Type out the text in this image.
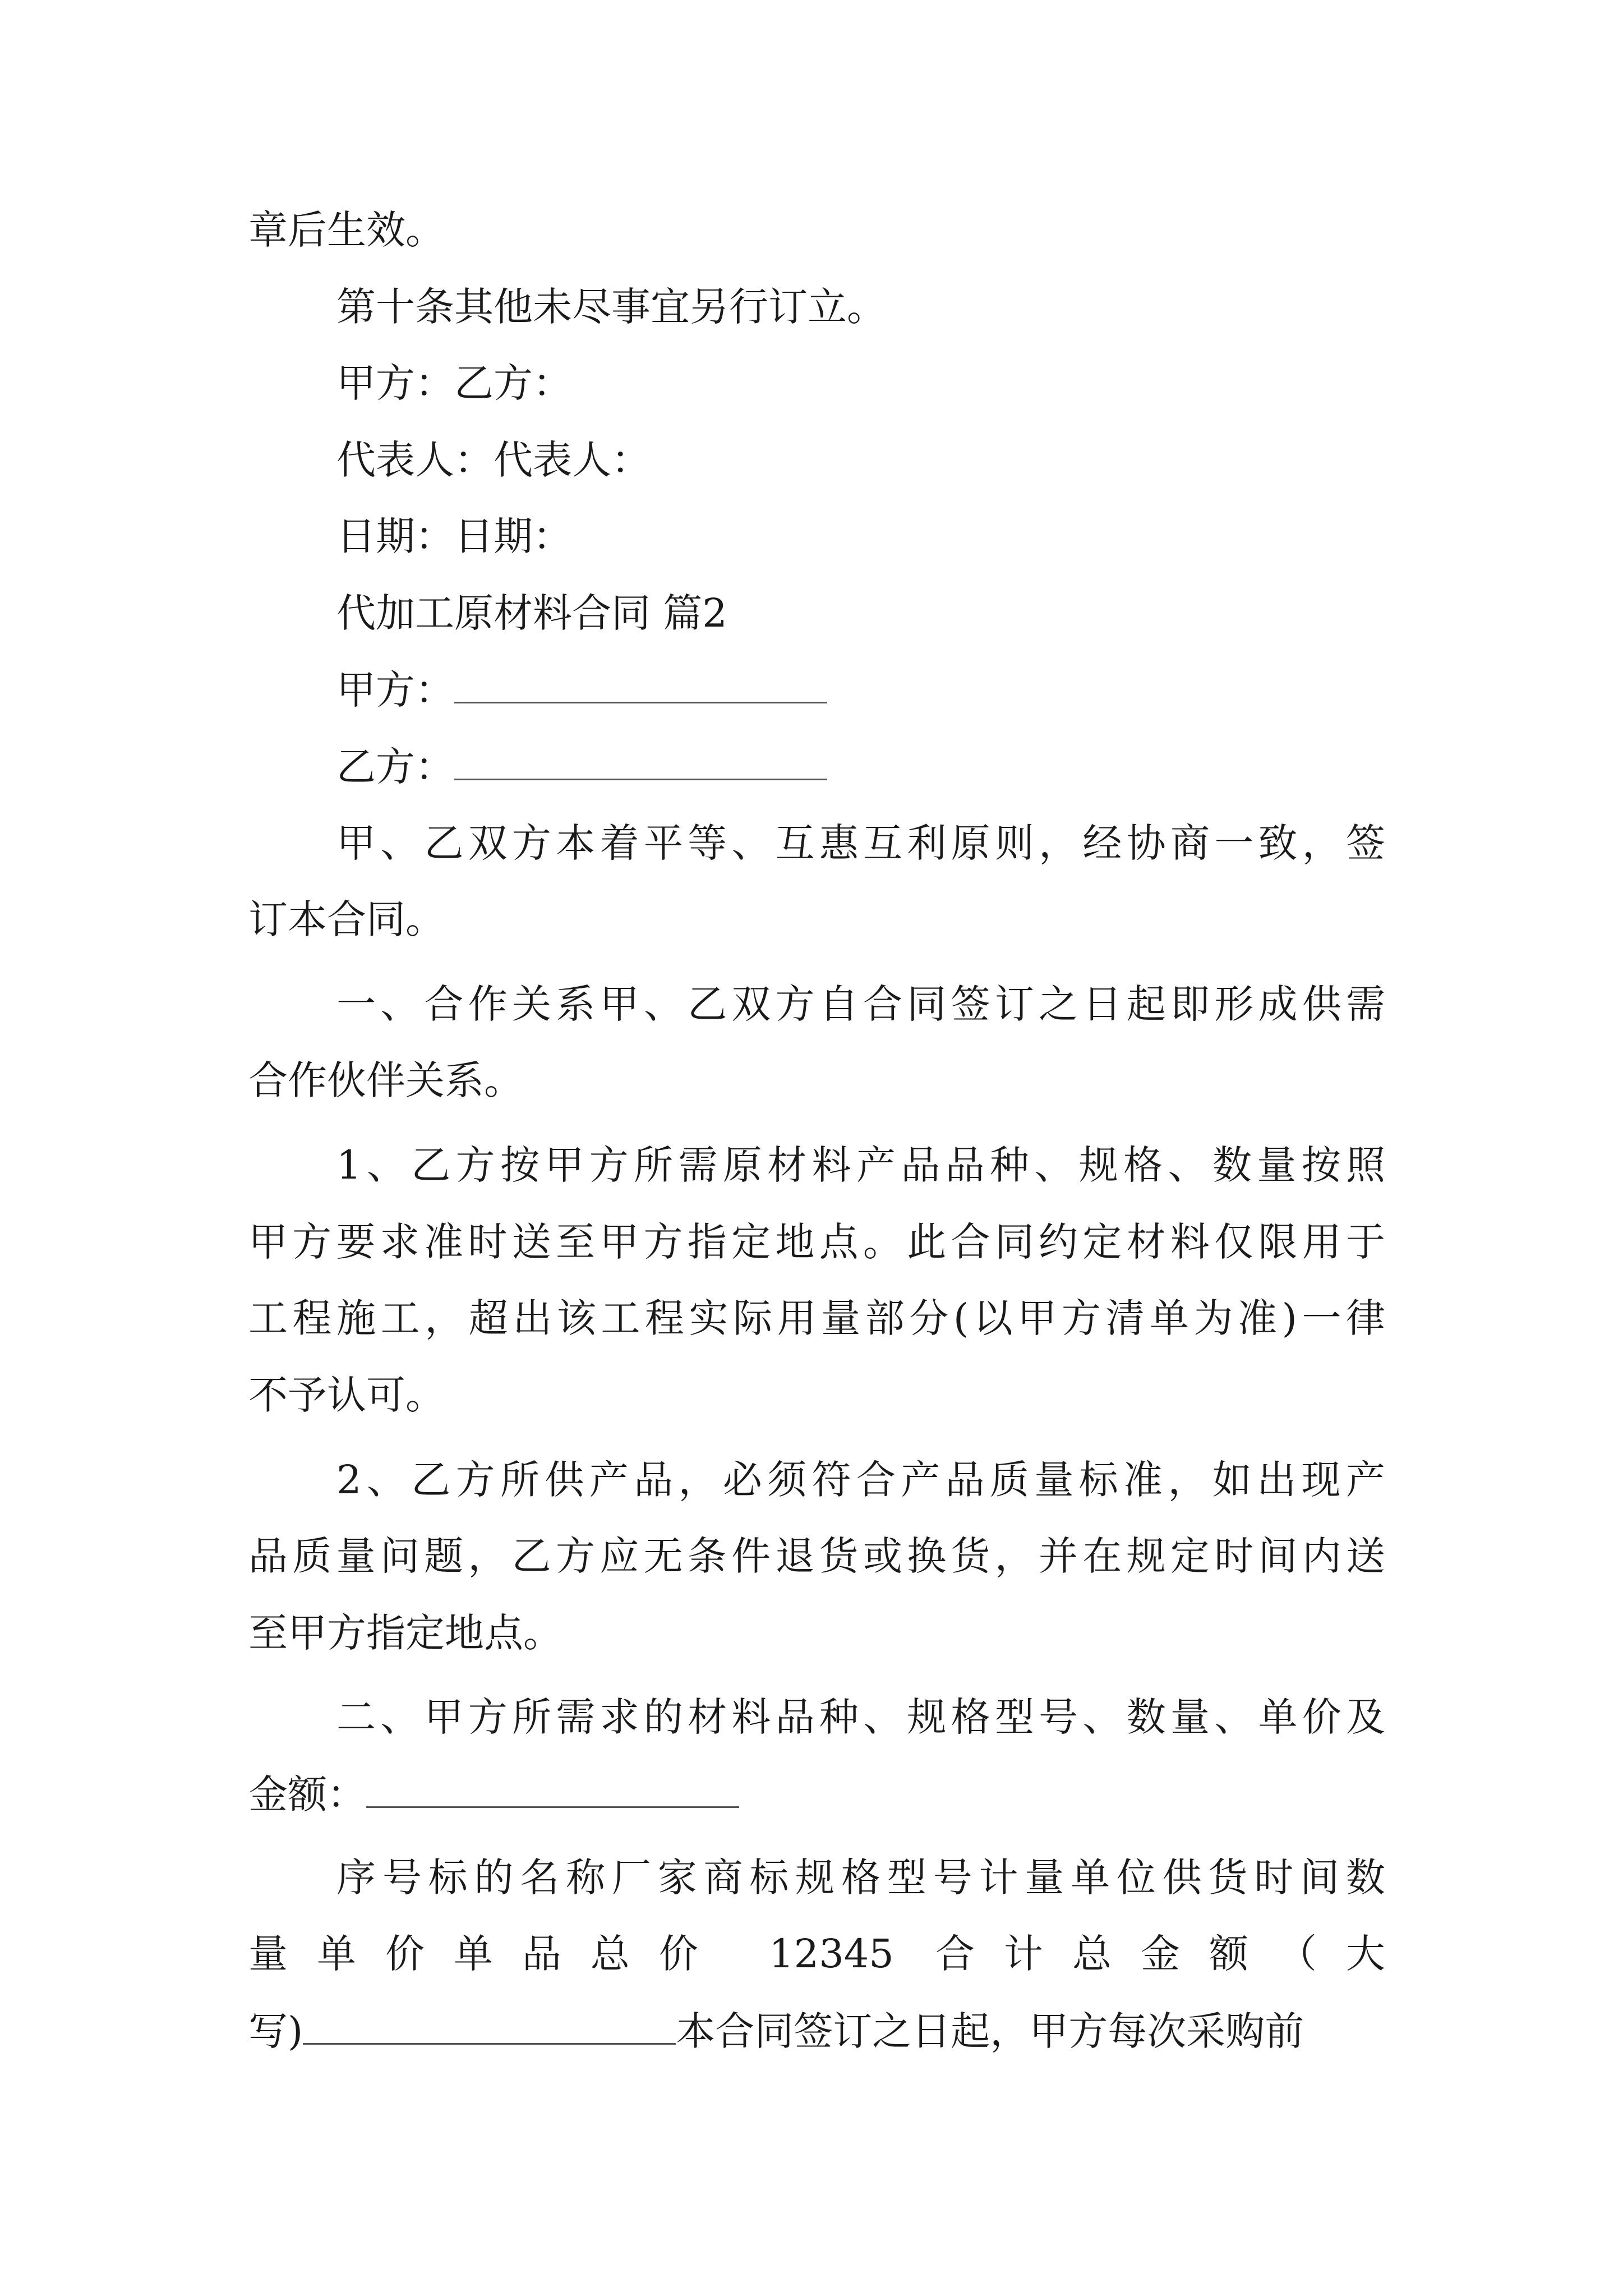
章后生效。
第十条其他未尽事宜另行订立。
甲方：乙方：
代表人：代表人：
日期：日期：
代加工原材料合同 篇2
甲方：
乙方：
甲、乙双方本着平等、互惠互利原则，经协商一致，签
订本合同。
一、合作关系甲、乙双方自合同签订之日起即形成供需
合作伙伴关系。
1、乙方按甲方所需原材料产品品种、规格、数量按照
甲方要求准时送至甲方指定地点。此合同约定材料仅限用于
工程施工，超出该工程实际用量部分(以甲方清单为准)一律
不予认可。
2、乙方所供产品，必须符合产品质量标准，如出现产
品质量问题，乙方应无条件退货或换货，并在规定时间内送
至甲方指定地点。
二、甲方所需求的材料品种、规格型号、数量、单价及
金额：
序号标的名称厂家商标规格型号计量单位供货时间数
量单价单品总价 12345 合计总金额（大
写)	本合同签订之日起，甲方每次采购前
